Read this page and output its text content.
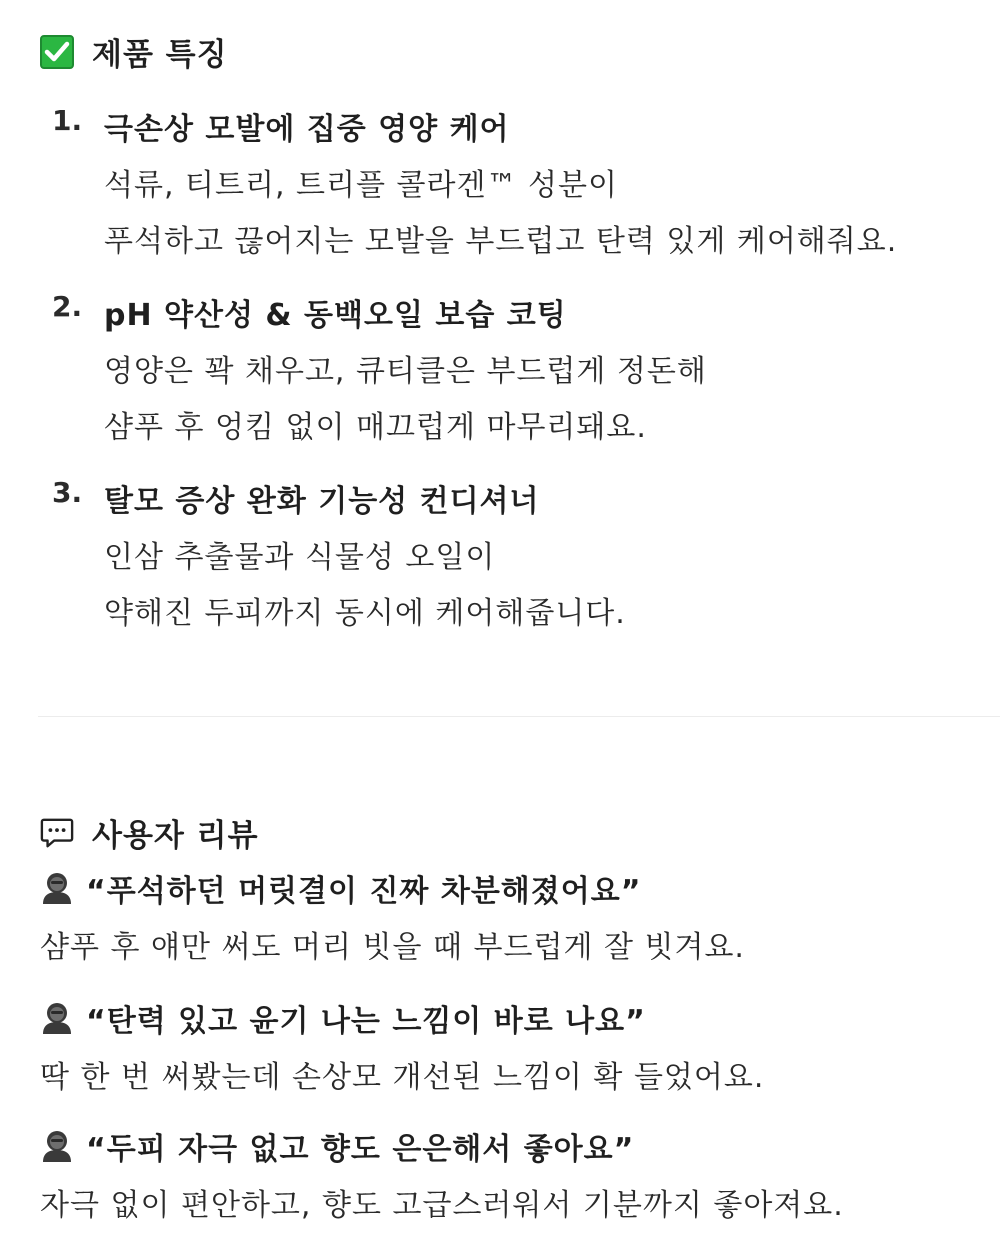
제품 특징
1. 극손상 모발에 집중 영양 케어
석류, 티트리, 트리플 콜라겐™ 성분이
푸석하고 끊어지는 모발을 부드럽고 탄력 있게 케어해줘요.
2. pH 약산성 & 동백오일 보습 코팅
영양은 꽉 채우고, 큐티클은 부드럽게 정돈해
샴푸 후 엉킴 없이 매끄럽게 마무리돼요.
3. 탈모 증상 완화 기능성 컨디셔너
인삼 추출물과 식물성 오일이
약해진 두피까지 동시에 케어해줍니다.
사용자 리뷰
“푸석하던 머릿결이 진짜 차분해졌어요”
샴푸 후 얘만 써도 머리 빗을 때 부드럽게 잘 빗겨요.
“탄력 있고 윤기 나는 느낌이 바로 나요”
딱 한 번 써봤는데 손상모 개선된 느낌이 확 들었어요.
“두피 자극 없고 향도 은은해서 좋아요”
자극 없이 편안하고, 향도 고급스러워서 기분까지 좋아져요.
